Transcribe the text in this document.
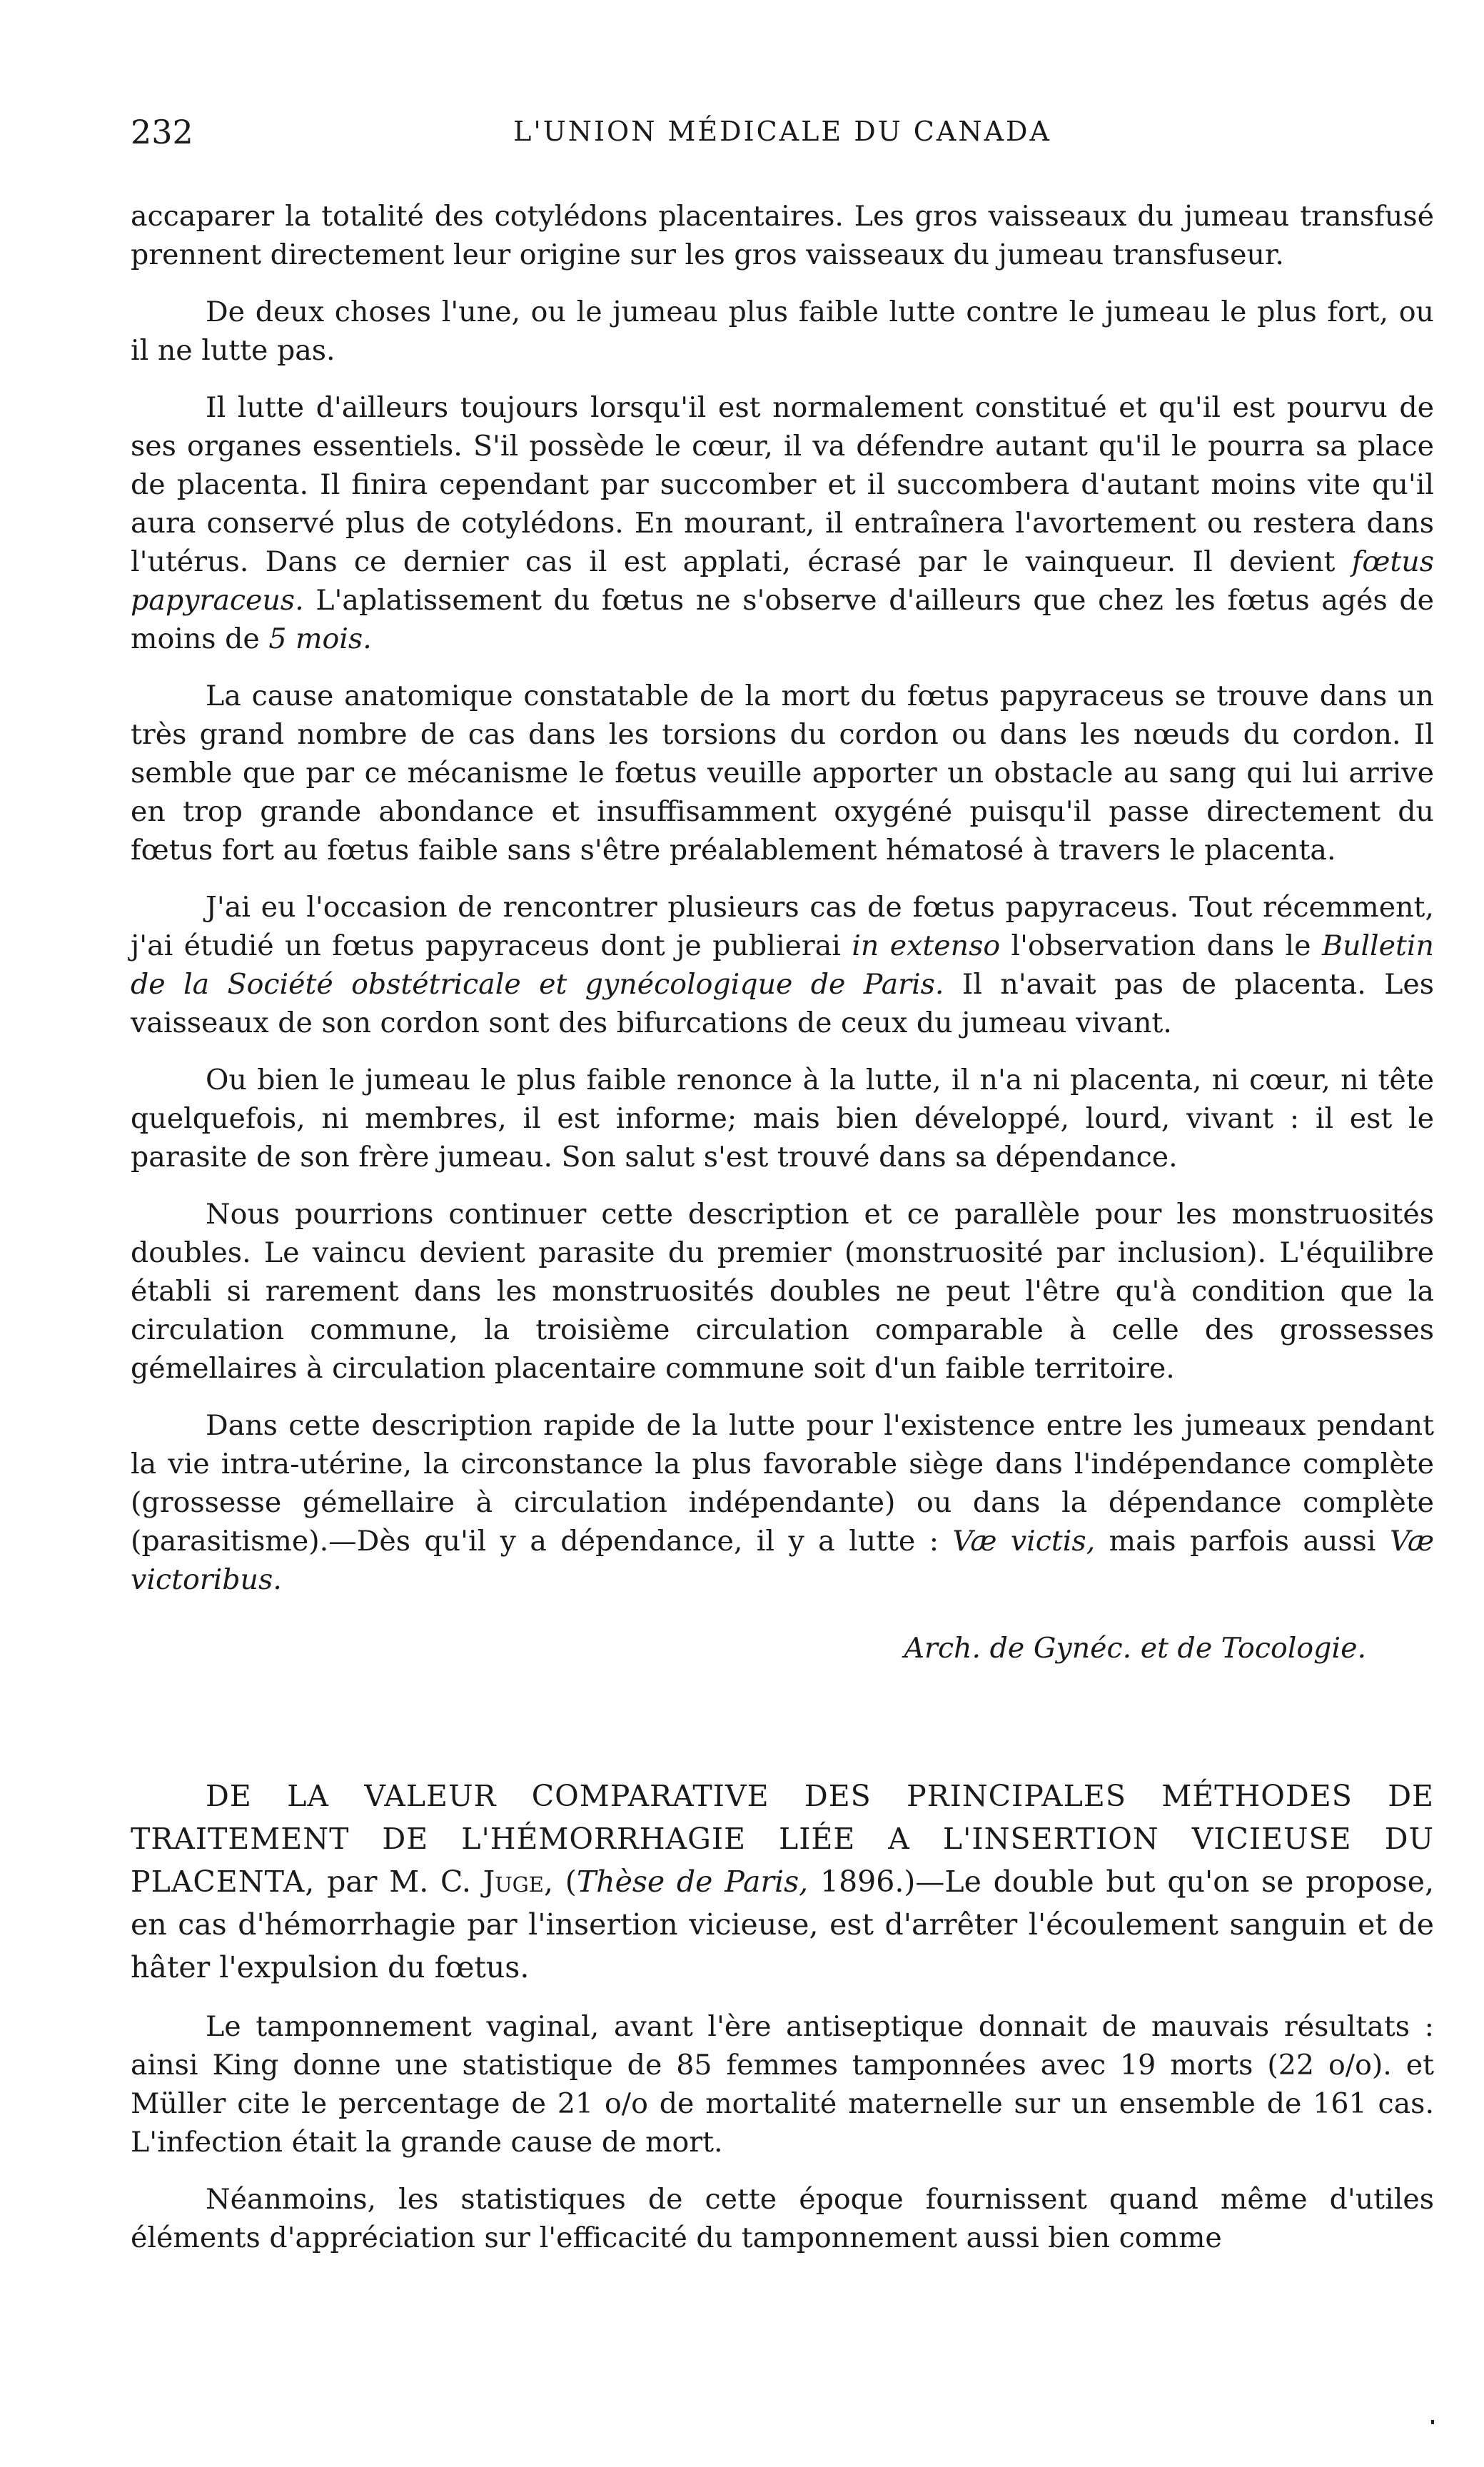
232	L'UNION MÉDICALE DU CANADA

accaparer la totalité des cotylédons placentaires. Les gros vaisseaux du jumeau transfusé prennent directement leur origine sur les gros vaisseaux du jumeau transfuseur.

De deux choses l'une, ou le jumeau plus faible lutte contre le jumeau le plus fort, ou il ne lutte pas.

Il lutte d'ailleurs toujours lorsqu'il est normalement constitué et qu'il est pourvu de ses organes essentiels. S'il possède le cœur, il va défendre autant qu'il le pourra sa place de placenta. Il finira cependant par succomber et il succombera d'autant moins vite qu'il aura conservé plus de cotylédons. En mourant, il entraînera l'avortement ou restera dans l'utérus. Dans ce dernier cas il est applati, écrasé par le vainqueur. Il devient fœtus papyraceus. L'aplatissement du fœtus ne s'observe d'ailleurs que chez les fœtus agés de moins de 5 mois.

La cause anatomique constatable de la mort du fœtus papyraceus se trouve dans un très grand nombre de cas dans les torsions du cordon ou dans les nœuds du cordon. Il semble que par ce mécanisme le fœtus veuille apporter un obstacle au sang qui lui arrive en trop grande abondance et insuffisamment oxygéné puisqu'il passe directement du fœtus fort au fœtus faible sans s'être préalablement hématosé à travers le placenta.

J'ai eu l'occasion de rencontrer plusieurs cas de fœtus papyraceus. Tout récemment, j'ai étudié un fœtus papyraceus dont je publierai in extenso l'observation dans le Bulletin de la Société obstétricale et gynécologique de Paris. Il n'avait pas de placenta. Les vaisseaux de son cordon sont des bifurcations de ceux du jumeau vivant.

Ou bien le jumeau le plus faible renonce à la lutte, il n'a ni placenta, ni cœur, ni tête quelquefois, ni membres, il est informe; mais bien développé, lourd, vivant : il est le parasite de son frère jumeau. Son salut s'est trouvé dans sa dépendance.

Nous pourrions continuer cette description et ce parallèle pour les monstruosités doubles. Le vaincu devient parasite du premier (monstruosité par inclusion). L'équilibre établi si rarement dans les monstruosités doubles ne peut l'être qu'à condition que la circulation commune, la troisième circulation comparable à celle des grossesses gémellaires à circulation placentaire commune soit d'un faible territoire.

Dans cette description rapide de la lutte pour l'existence entre les jumeaux pendant la vie intra-utérine, la circonstance la plus favorable siège dans l'indépendance complète (grossesse gémellaire à circulation indépendante) ou dans la dépendance complète (parasitisme).—Dès qu'il y a dépendance, il y a lutte : Væ victis, mais parfois aussi Væ victoribus.

Arch. de Gynéc. et de Tocologie.

DE LA VALEUR COMPARATIVE DES PRINCIPALES MÉTHODES DE TRAITEMENT DE L'HÉMORRHAGIE LIÉE A L'INSERTION VICIEUSE DU PLACENTA, par M. C. Juge, (Thèse de Paris, 1896.)—Le double but qu'on se propose, en cas d'hémorrhagie par l'insertion vicieuse, est d'arrêter l'écoulement sanguin et de hâter l'expulsion du fœtus.

Le tamponnement vaginal, avant l'ère antiseptique donnait de mauvais résultats : ainsi King donne une statistique de 85 femmes tamponnées avec 19 morts (22 o/o). et Müller cite le percentage de 21 o/o de mortalité maternelle sur un ensemble de 161 cas. L'infection était la grande cause de mort.

Néanmoins, les statistiques de cette époque fournissent quand même d'utiles éléments d'appréciation sur l'efficacité du tamponnement aussi bien comme
